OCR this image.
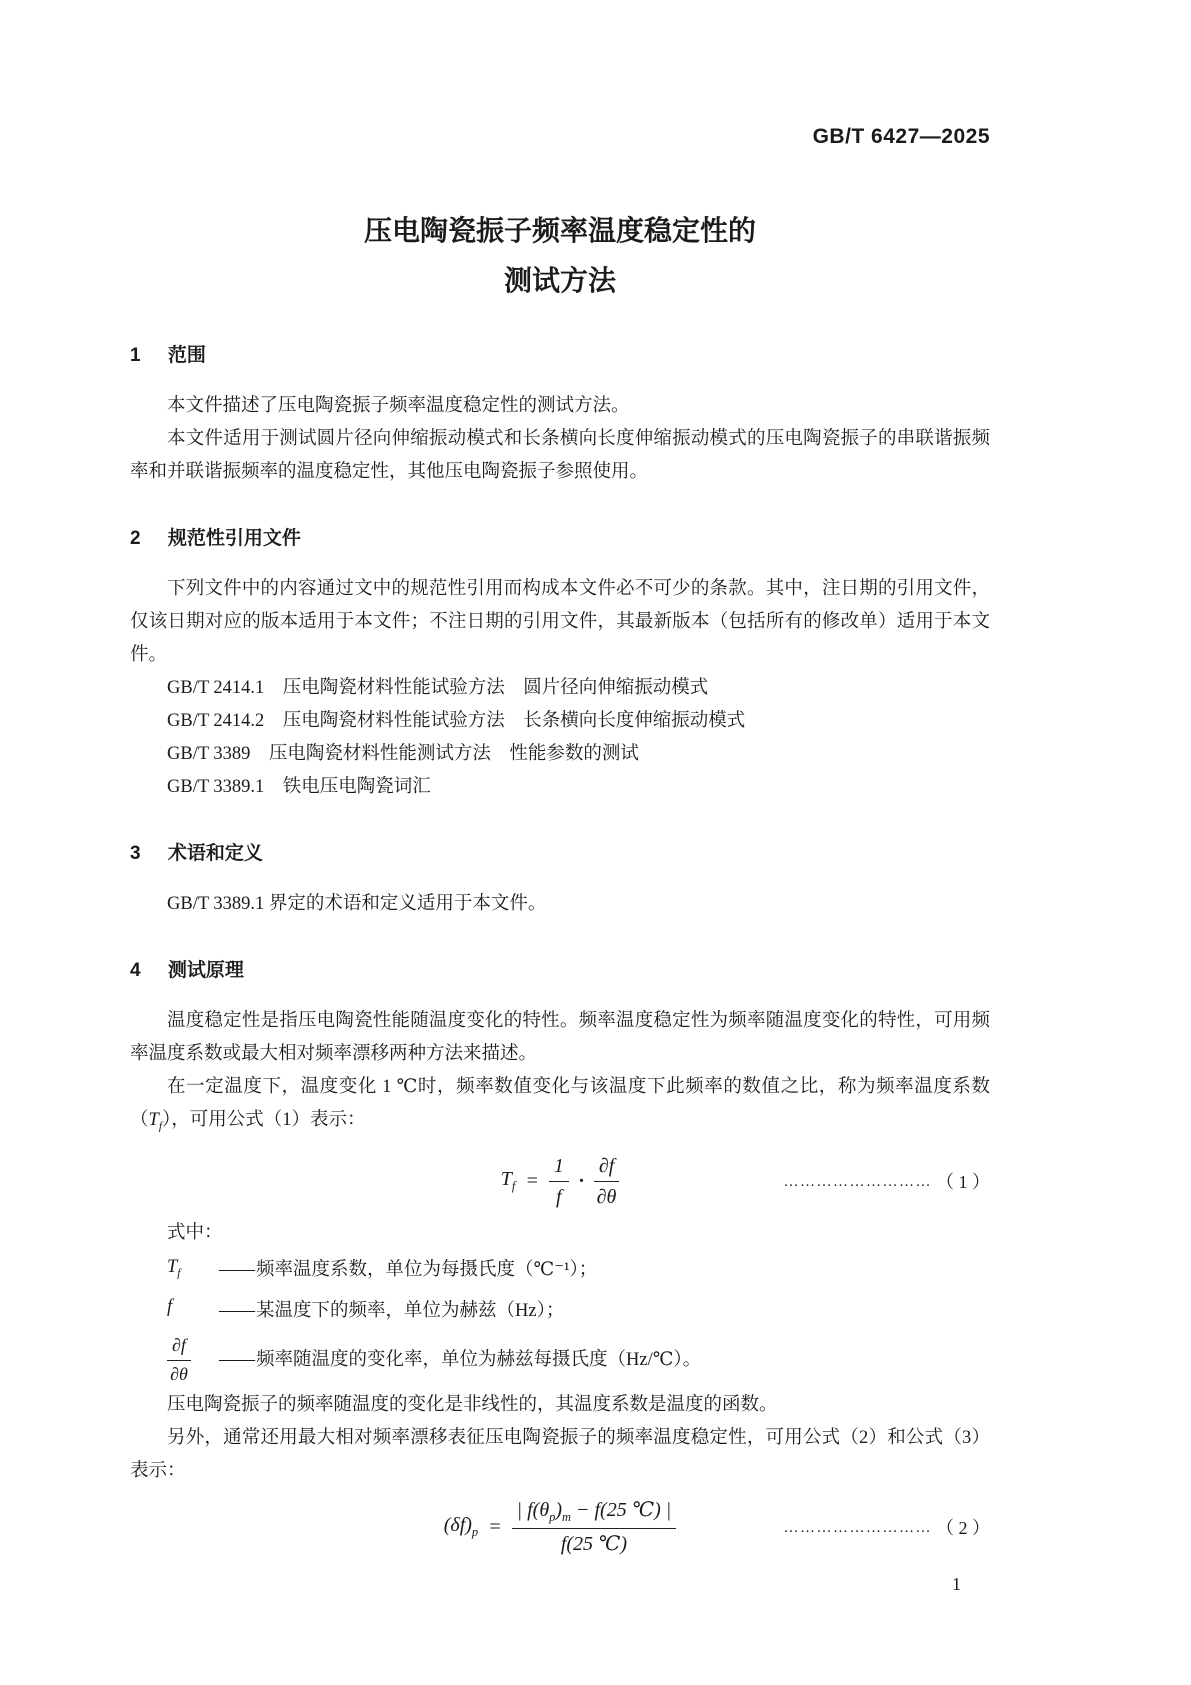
GB/T 6427—2025
压电陶瓷振子频率温度稳定性的
测试方法
1 范围

本文件描述了压电陶瓷振子频率温度稳定性的测试方法。

本文件适用于测试圆片径向伸缩振动模式和长条横向长度伸缩振动模式的压电陶瓷振子的串联谐振频率和并联谐振频率的温度稳定性，其他压电陶瓷振子参照使用。

2 规范性引用文件

下列文件中的内容通过文中的规范性引用而构成本文件必不可少的条款。其中，注日期的引用文件，仅该日期对应的版本适用于本文件；不注日期的引用文件，其最新版本（包括所有的修改单）适用于本文件。

GB/T 2414.1　压电陶瓷材料性能试验方法　圆片径向伸缩振动模式

GB/T 2414.2　压电陶瓷材料性能试验方法　长条横向长度伸缩振动模式

GB/T 3389　压电陶瓷材料性能测试方法　性能参数的测试

GB/T 3389.1　铁电压电陶瓷词汇

3 术语和定义

GB/T 3389.1 界定的术语和定义适用于本文件。

4 测试原理

温度稳定性是指压电陶瓷性能随温度变化的特性。频率温度稳定性为频率随温度变化的特性，可用频率温度系数或最大相对频率漂移两种方法来描述。

在一定温度下，温度变化 1 ℃时，频率数值变化与该温度下此频率的数值之比，称为频率温度系数$(T_f)$，可用公式（1）表示：

$T_f = \frac{1}{f} \cdot \frac{\partial f}{\partial\theta}$	……………………… （ 1 ）

式中：

$T_f$	—— 频率温度系数，单位为每摄氏度（℃⁻¹）；
f	—— 某温度下的频率，单位为赫兹（Hz）；
$\frac{\partial f}{\partial\theta}$ —— 频率随温度的变化率，单位为赫兹每摄氏度（Hz/℃）。

压电陶瓷振子的频率随温度的变化是非线性的，其温度系数是温度的函数。

另外，通常还用最大相对频率漂移表征压电陶瓷振子的频率温度稳定性，可用公式（2）和公式（3）表示：

$(\delta f)_p = \frac{| f(\theta_p)_m - f(25 ℃) |}{f(25 ℃)}$	……………………… （ 2 ）
1
